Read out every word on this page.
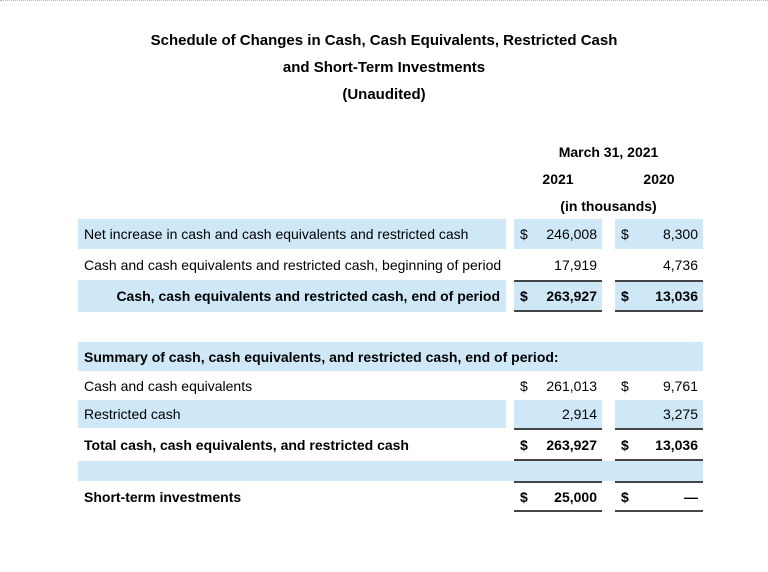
Schedule of Changes in Cash, Cash Equivalents, Restricted Cash
and Short-Term Investments
(Unaudited)
March 31, 2021
2021	2020
(in thousands)
Net increase in cash and cash equivalents and restricted cash	$ 246,008 $ 8,300
Cash and cash equivalents and restricted cash, beginning of period	17,919	4,736
Cash, cash equivalents and restricted cash, end of period	$ 263,927 $ 13,036
Summary of cash, cash equivalents, and restricted cash, end of period:
Cash and cash equivalents	$ 261,013 $ 9,761
Restricted cash	2,914	3,275
Total cash, cash equivalents, and restricted cash	$ 263,927 $ 13,036
Short-term investments	$ 25,000 $	—
